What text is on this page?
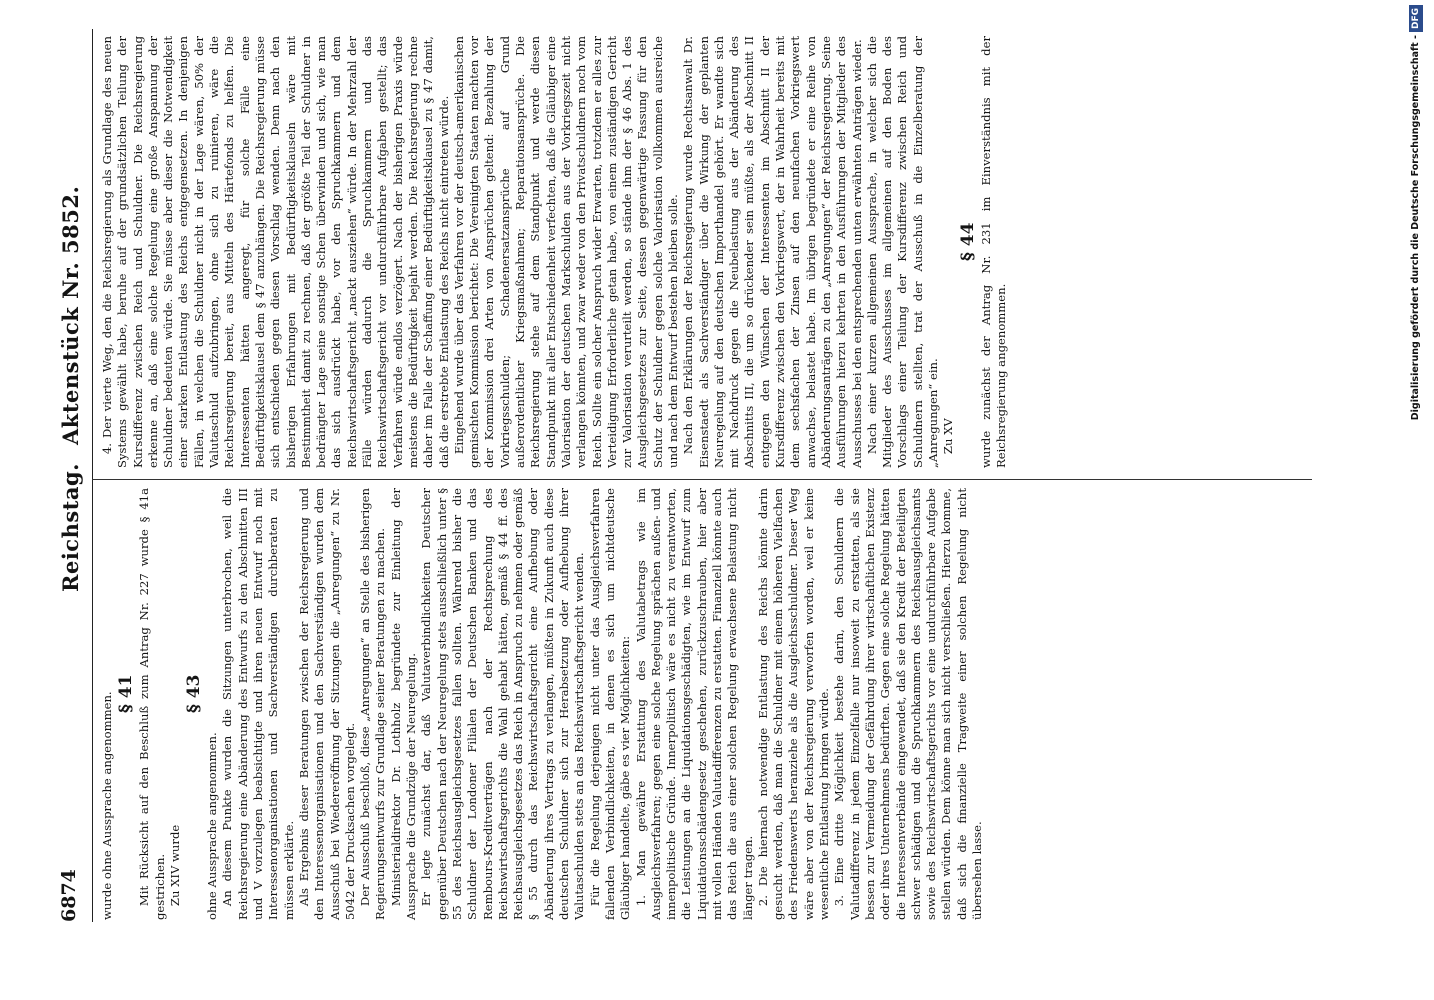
6874
Reichstag.Aktenstück Nr. 5852.

wurde ohne Aussprache angenommen. § 41 Mit Rücksicht auf den Beschluß zum Antrag Nr. 227 wurde § 41a gestrichen. Zu XIV wurde

§ 43

ohne Aussprache angenommen. An diesem Punkte wurden die Sitzungen unterbrochen, weil die Reichsregierung eine Abänderung des Entwurfs zu den Abschnitten III und V vorzulegen beabsichtigte und ihren neuen Entwurf noch mit Interessenorganisationen und Sachverständigen durchberaten zu müssen erklärte. Als Ergebnis dieser Beratungen zwischen der Reichsregierung und den Interessenorganisationen und den Sachverständigen wurden dem Ausschuß bei Wiedereröffnung der Sitzungen die „Anregungen“ zu Nr. 5042 der Drucksachen vorgelegt. Der Ausschuß beschloß, diese „Anregungen“ an Stelle des bisherigen Regierungsentwurfs zur Grundlage seiner Beratungen zu machen. Ministerialdirektor Dr. Lothholz begründete zur Einleitung der Aussprache die Grundzüge der Neuregelung. Er legte zunächst dar, daß Valutaverbindlichkeiten Deutscher gegenüber Deutschen nach der Neuregelung stets ausschließlich unter § 55 des Reichsausgleichsgesetzes fallen sollten. Während bisher die Schuldner der Londoner Filialen der Deutschen Banken und das Rembours-Kreditverträgen nach der Rechtsprechung des Reichswirtschaftsgerichts die Wahl gehabt hätten, gemäß § 44 ff. des Reichsausgleichsgesetzes das Reich in Anspruch zu nehmen oder gemäß § 55 durch das Reichswirtschaftsgericht eine Aufhebung oder Abänderung ihres Vertrags zu verlangen, müßten in Zukunft auch diese deutschen Schuldner sich zur Herabsetzung oder Aufhebung ihrer Valutaschulden stets an das Reichswirtschaftsgericht wenden. Für die Regelung derjenigen nicht unter das Ausgleichsverfahren fallenden Verbindlichkeiten, in denen es sich um nichtdeutsche Gläubiger handelte, gäbe es vier Möglichkeiten: 1. Man gewähre Erstattung des Valutabetrags wie im Ausgleichsverfahren; gegen eine solche Regelung sprächen außen- und innenpolitische Gründe. Innerpolitisch wäre es nicht zu verantworten, die Leistungen an die Liquidationsgeschädigten, wie im Entwurf zum Liquidationsschädengesetz geschehen, zurückzuschrauben, hier aber mit vollen Händen Valutadifferenzen zu erstatten. Finanziell könnte auch das Reich die aus einer solchen Regelung erwachsene Belastung nicht länger tragen. 2. Die hiernach notwendige Entlastung des Reichs könnte darin gesucht werden, daß man die Schuldner mit einem höheren Vielfachen des Friedenswerts heranziehe als die Ausgleichsschuldner. Dieser Weg wäre aber von der Reichsregierung verworfen worden, weil er keine wesentliche Entlastung bringen würde. 3. Eine dritte Möglichkeit bestehe darin, den Schuldnern die Valutadifferenz in jedem Einzelfalle nur insoweit zu erstatten, als sie bessen zur Vermeidung der Gefährdung ihrer wirtschaftlichen Existenz oder ihres Unternehmens bedürften. Gegen eine solche Regelung hätten die Interessenverbände eingewendet, daß sie den Kredit der Beteiligten schwer schädigen und die Spruchkammern des Reichsausgleichsamts sowie des Reichswirtschaftsgerichts vor eine undurchführbare Aufgabe stellen würden. Dem könne man sich nicht verschließen. Hierzu komme, daß sich die finanzielle Tragweite einer solchen Regelung nicht übersehen lasse.

4. Der vierte Weg, den die Reichsregierung als Grundlage des neuen Systems gewählt habe, beruhe auf der grundsätzlichen Teilung der Kursdifferenz zwischen Reich und Schuldner. Die Reichsregierung erkenne an, daß eine solche Regelung eine große Anspannung der Schuldner bedeuten würde. Sie müsse aber dieser die Notwendigkeit einer starken Entlastung des Reichs entgegensetzen. In denjenigen Fällen, in welchen die Schuldner nicht in der Lage wären, 50% der Valutaschuld aufzubringen, ohne sich zu ruinieren, wäre die Reichsregierung bereit, aus Mitteln des Härtefonds zu helfen. Die Interessenten hätten angeregt, für solche Fälle eine Bedürftigkeitsklausel dem § 47 anzuhängen. Die Reichsregierung müsse sich entschieden gegen diesen Vorschlag wenden. Denn nach den bisherigen Erfahrungen mit Bedürftigkeitsklauseln wäre mit Bestimmtheit damit zu rechnen, daß der größte Teil der Schuldner in bedrängter Lage seine sonstige Schen überwinden und sich, wie man das sich ausdrückt habe, vor den Spruchkammern und dem Reichswirtschaftsgericht „nackt ausziehen“ würde. In der Mehrzahl der Fälle würden dadurch die Spruchkammern und das Reichswirtschaftsgericht vor undurchführbare Aufgaben gestellt; das Verfahren würde endlos verzögert. Nach der bisherigen Praxis würde meistens die Bedürftigkeit bejaht werden. Die Reichsregierung rechne daher im Falle der Schaffung einer Bedürftigkeitsklausel zu § 47 damit, daß die erstrebte Entlastung des Reichs nicht eintreten würde. Eingehend wurde über das Verfahren vor der deutsch-amerikanischen gemischten Kommission berichtet: Die Vereinigten Staaten machten vor der Kommission drei Arten von Ansprüchen geltend: Bezahlung der Vorkriegsschulden; Schadenersatzansprüche auf Grund außerordentlicher Kriegsmaßnahmen; Reparationsansprüche. Die Reichsregierung stehe auf dem Standpunkt und werde diesen Standpunkt mit aller Entschiedenheit verfechten, daß die Gläubiger eine Valorisation der deutschen Markschulden aus der Vorkriegszeit nicht verlangen könnten, und zwar weder von den Privatschuldnern noch vom Reich. Sollte ein solcher Anspruch wider Erwarten, trotzdem er alles zur Verteidigung Erforderliche getan habe, von einem zuständigen Gericht zur Valorisation verurteilt werden, so stände ihm der § 46 Abs. 1 des Ausgleichsgesetzes zur Seite, dessen gegenwärtige Fassung für den Schutz der Schuldner gegen solche Valorisation vollkommen ausreiche und nach dem Entwurf bestehen bleiben solle. Nach den Erklärungen der Reichsregierung wurde Rechtsanwalt Dr. Eisenstaedt als Sachverständiger über die Wirkung der geplanten Neuregelung auf den deutschen Importhandel gehört. Er wandte sich mit Nachdruck gegen die Neubelastung aus der Abänderung des Abschnitts III, die um so drückender sein müßte, als der Abschnitt II entgegen den Wünschen der Interessenten im Abschnitt II der Kursdifferenz zwischen den Vorkriegswert, der in Wahrheit bereits mit dem sechsfachen der Zinsen auf den neunfachen Vorkriegswert anwachse, belastet habe. Im übrigen begründete er eine Reihe von Abänderungsanträgen zu den „Anregungen“ der Reichsregierung. Seine Ausführungen hierzu kehrten in den Ausführungen der Mitglieder des Ausschusses bei den entsprechenden unten erwähnten Anträgen wieder. Nach einer kurzen allgemeinen Aussprache, in welcher sich die Mitglieder des Ausschusses im allgemeinen auf den Boden des Vorschlags einer Teilung der Kursdifferenz zwischen Reich und Schuldnern stellten, trat der Ausschuß in die Einzelberatung der „Anregungen“ ein. Zu XV

§ 44 wurde zunächst der Antrag Nr. 231 im Einverständnis mit der Reichsregierung angenommen.	Digitalisierung gefördert durch die Deutsche Forschungsgemeinschaft -DFG
